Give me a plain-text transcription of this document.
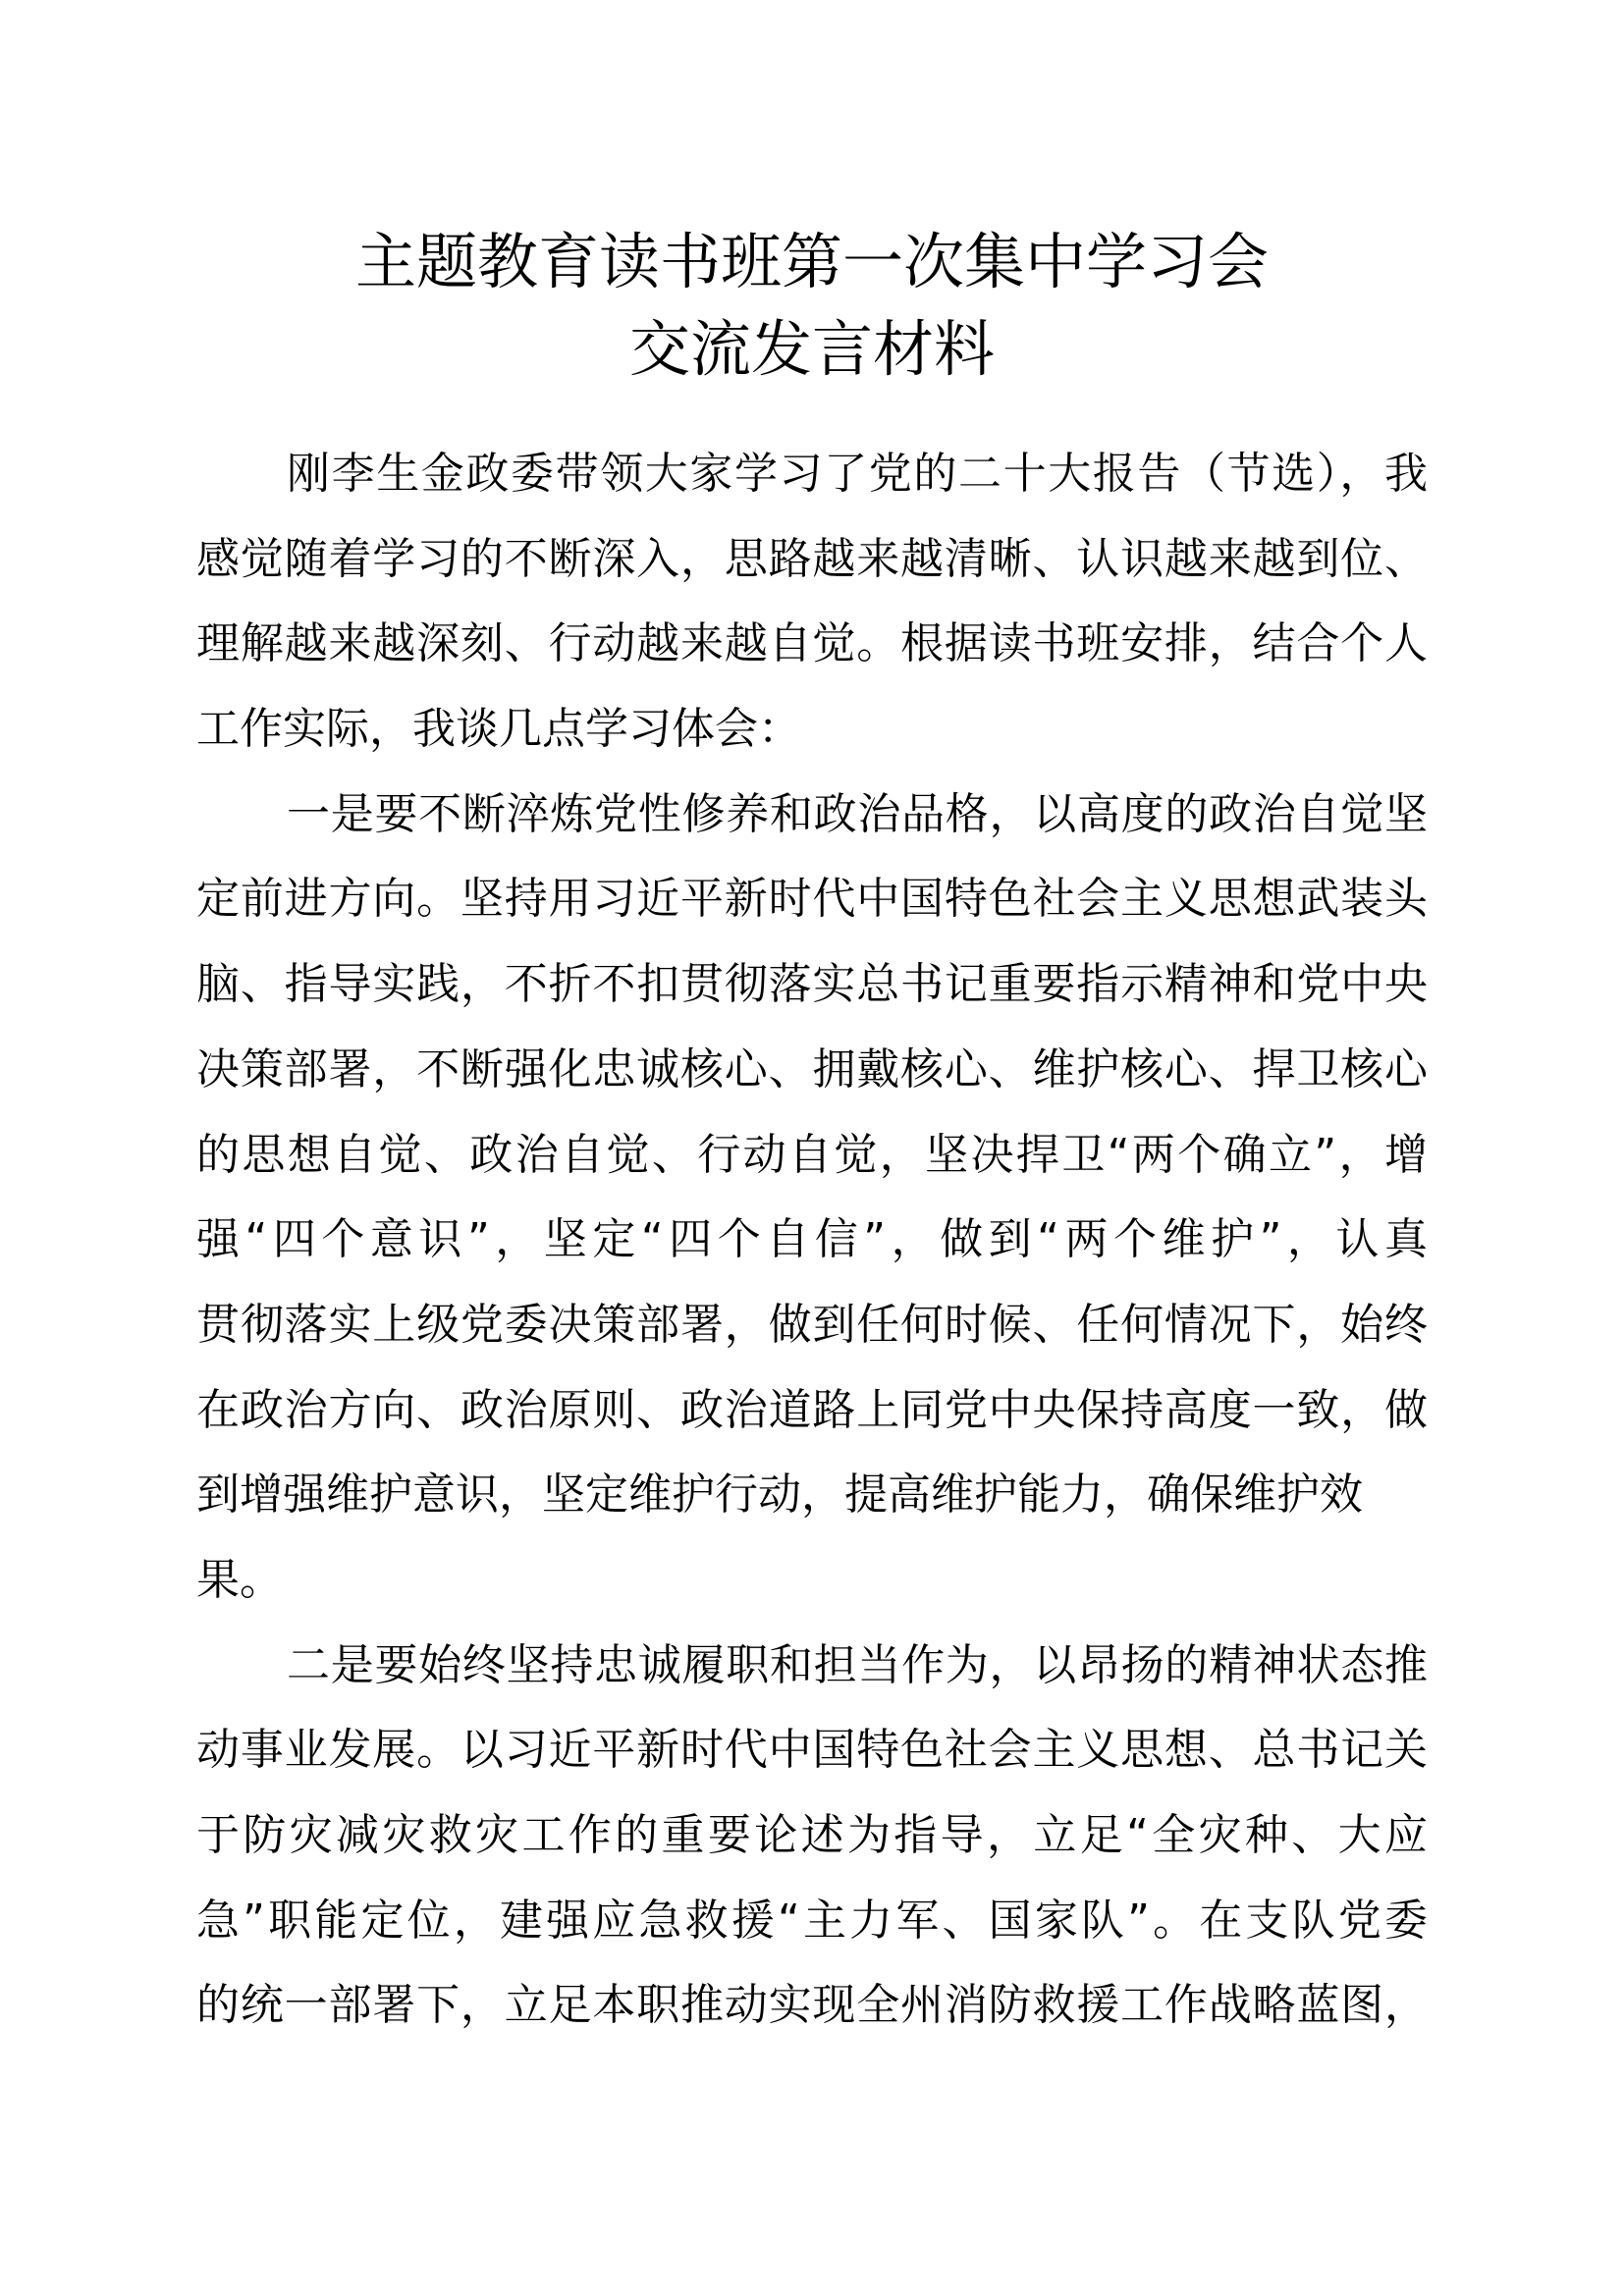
主题教育读书班第一次集中学习会
交流发言材料
刚李生金政委带领大家学习了党的二十大报告（节选），我
感觉随着学习的不断深入，思路越来越清晰、认识越来越到位、
理解越来越深刻、行动越来越自觉。根据读书班安排，结合个人
工作实际，我谈几点学习体会：
一是要不断淬炼党性修养和政治品格，以高度的政治自觉坚
定前进方向。坚持用习近平新时代中国特色社会主义思想武装头
脑、指导实践，不折不扣贯彻落实总书记重要指示精神和党中央
决策部署，不断强化忠诚核心、拥戴核心、维护核心、捍卫核心
的思想自觉、政治自觉、行动自觉，坚决捍卫“两个确立”，增
强“四个意识”，坚定“四个自信”，做到“两个维护”，认真
贯彻落实上级党委决策部署，做到任何时候、任何情况下，始终
在政治方向、政治原则、政治道路上同党中央保持高度一致，做
到增强维护意识，坚定维护行动，提高维护能力，确保维护效
果。
二是要始终坚持忠诚履职和担当作为，以昂扬的精神状态推
动事业发展。以习近平新时代中国特色社会主义思想、总书记关
于防灾减灾救灾工作的重要论述为指导，立足“全灾种、大应
急”职能定位，建强应急救援“主力军、国家队”。在支队党委
的统一部署下，立足本职推动实现全州消防救援工作战略蓝图，
